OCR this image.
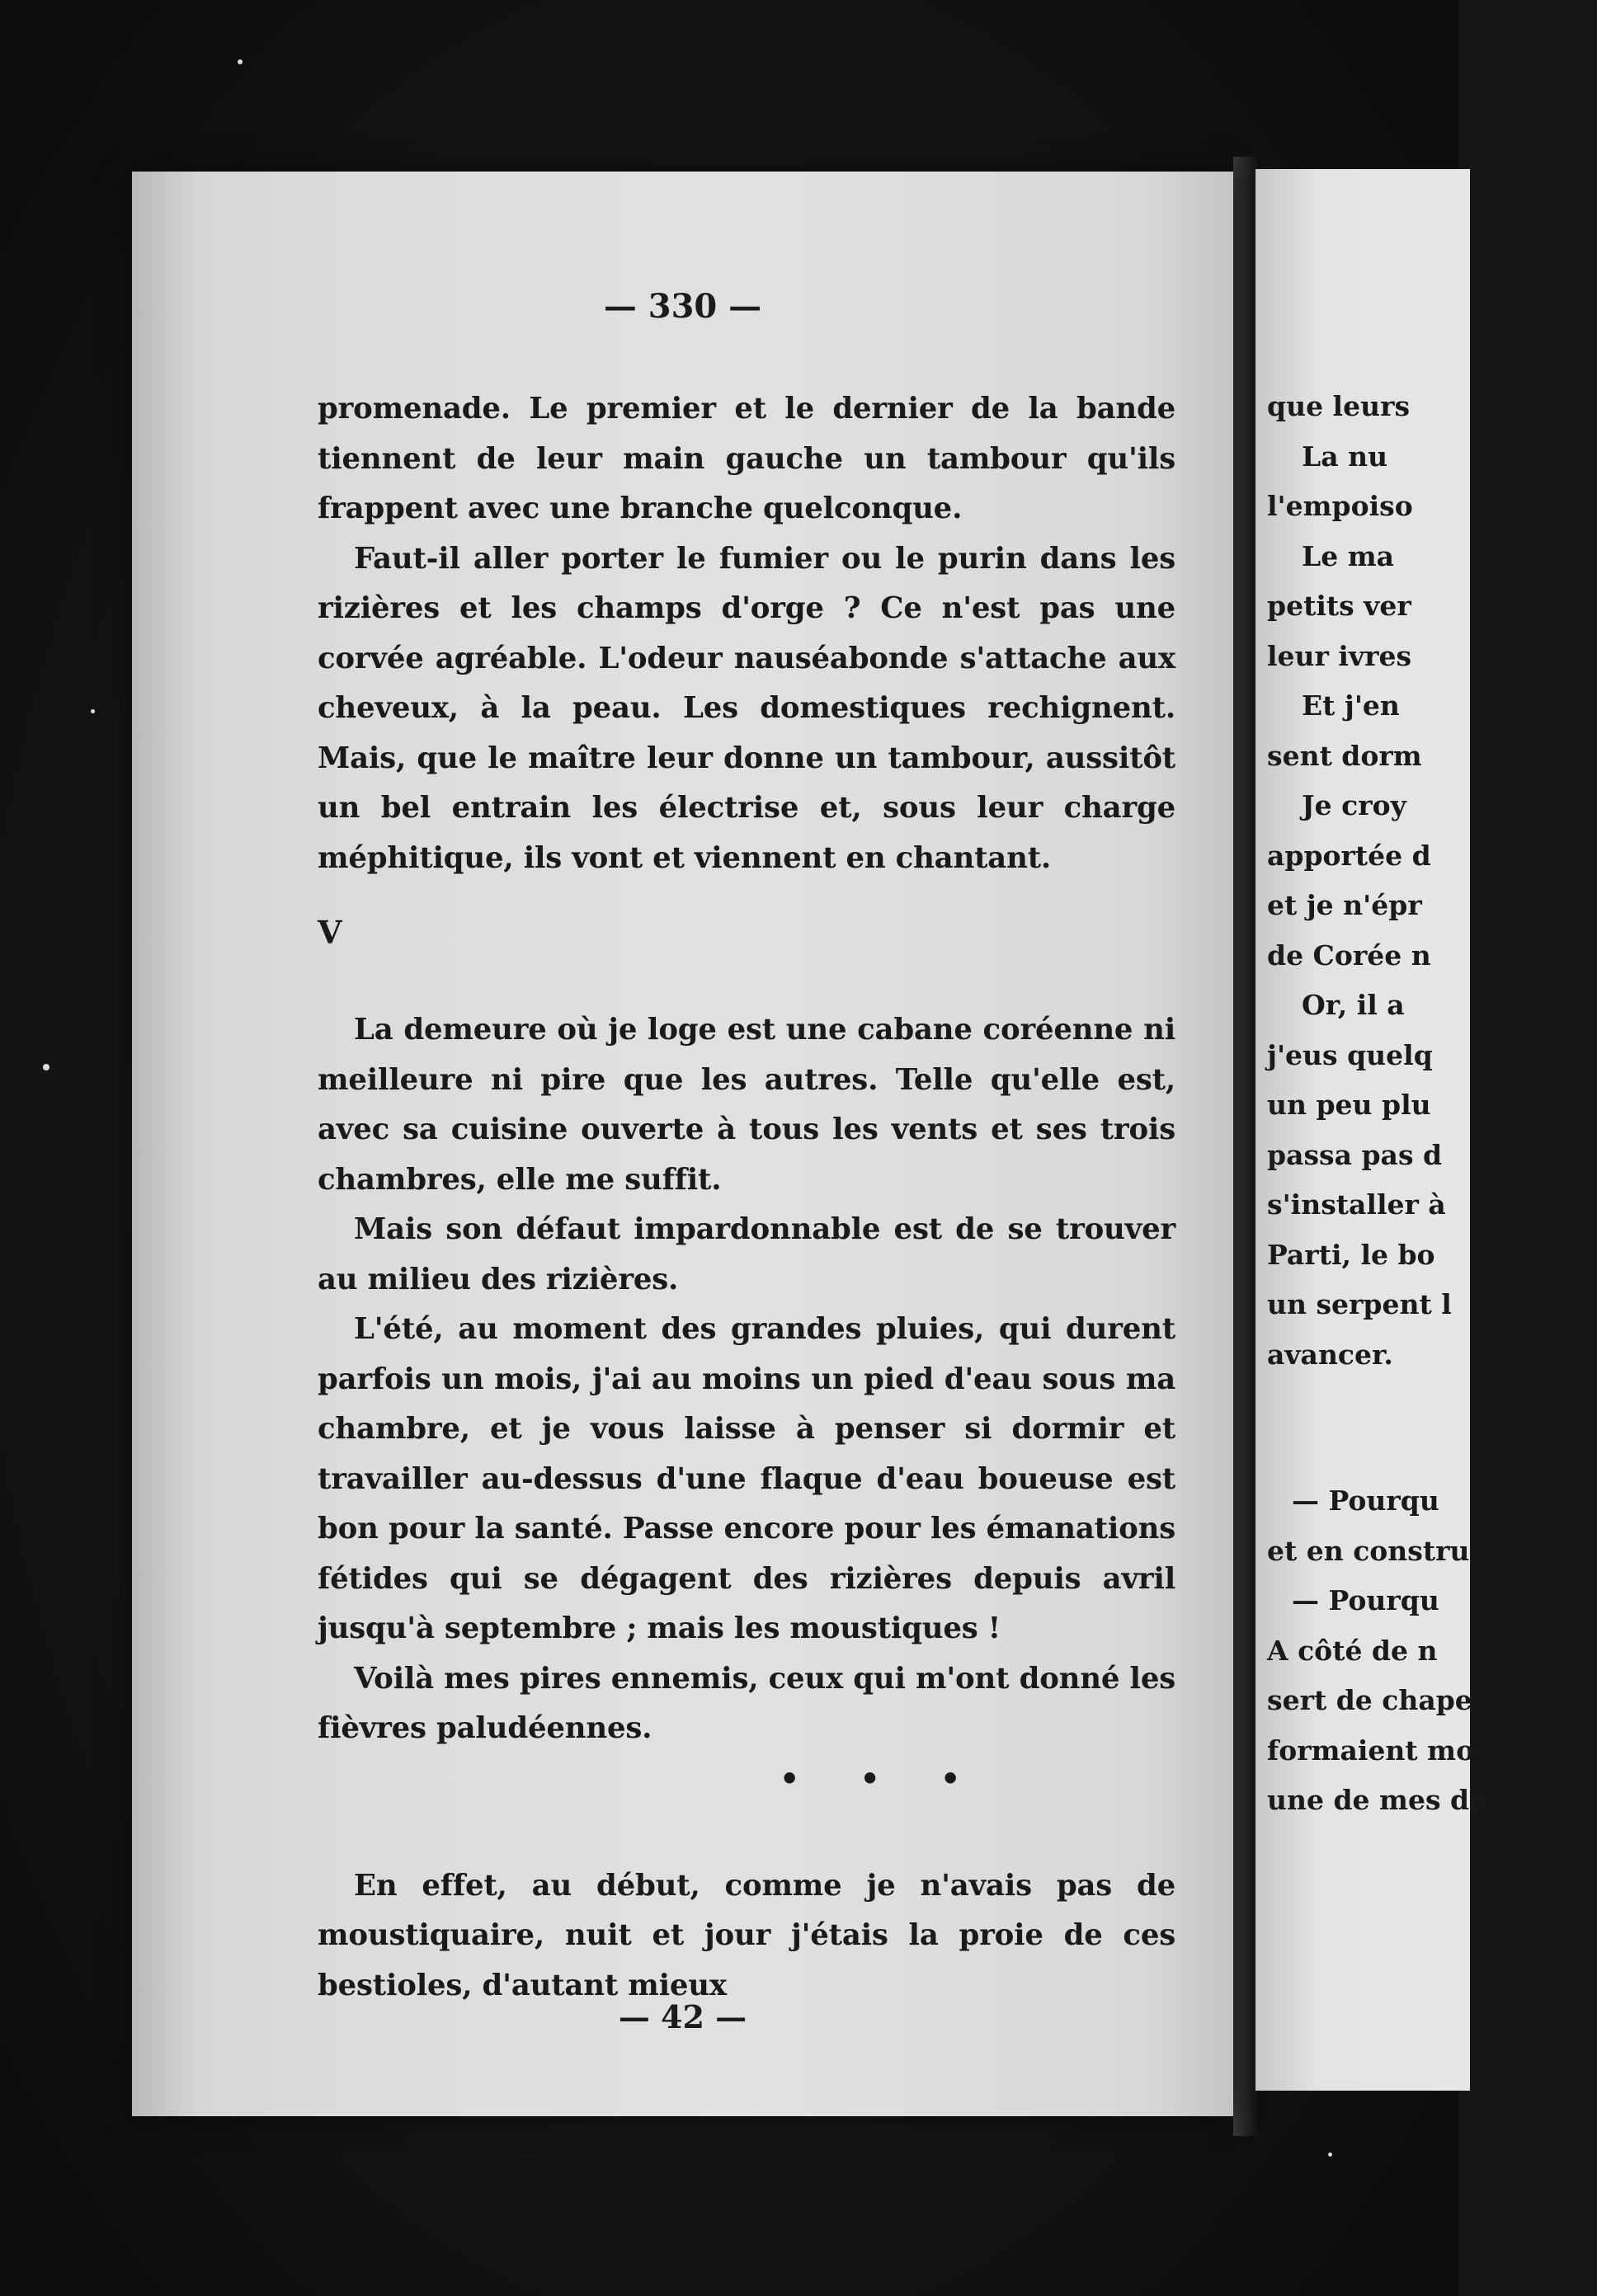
— 330 —

promenade. Le premier et le dernier de la bande tiennent de leur main gauche un tambour qu'ils frappent avec une branche quelconque.

Faut-il aller porter le fumier ou le purin dans les rizières et les champs d'orge ? Ce n'est pas une corvée agréable. L'odeur nauséabonde s'attache aux cheveux, à la peau. Les domestiques rechignent. Mais, que le maître leur donne un tambour, aussitôt un bel entrain les électrise et, sous leur charge méphitique, ils vont et viennent en chantant.

V

La demeure où je loge est une cabane coréenne ni meilleure ni pire que les autres. Telle qu'elle est, avec sa cuisine ouverte à tous les vents et ses trois chambres, elle me suffit.

Mais son défaut impardonnable est de se trouver au milieu des rizières.

L'été, au moment des grandes pluies, qui durent parfois un mois, j'ai au moins un pied d'eau sous ma chambre, et je vous laisse à penser si dormir et travailler au-dessus d'une flaque d'eau boueuse est bon pour la santé. Passe encore pour les émanations fétides qui se dégagent des rizières depuis avril jusqu'à septembre ; mais les moustiques !

Voilà mes pires ennemis, ceux qui m'ont donné les fièvres paludéennes.

• • •

En effet, au début, comme je n'avais pas de moustiquaire, nuit et jour j'étais la proie de ces bestioles, d'autant mieux

— 42 —
que leurs
La nu
l'empoiso
Le ma
petits ver
leur ivres
Et j'en
sent dorm
Je croy
apportée d
et je n'épr
de Corée n
Or, il a
j'eus quelq
un peu plu
passa pas d
s'installer à
Parti, le bo
un serpent l
avancer.
— Pourqu
et en constru
— Pourqu
A côté de n
sert de chape
formaient mo
une de mes de
